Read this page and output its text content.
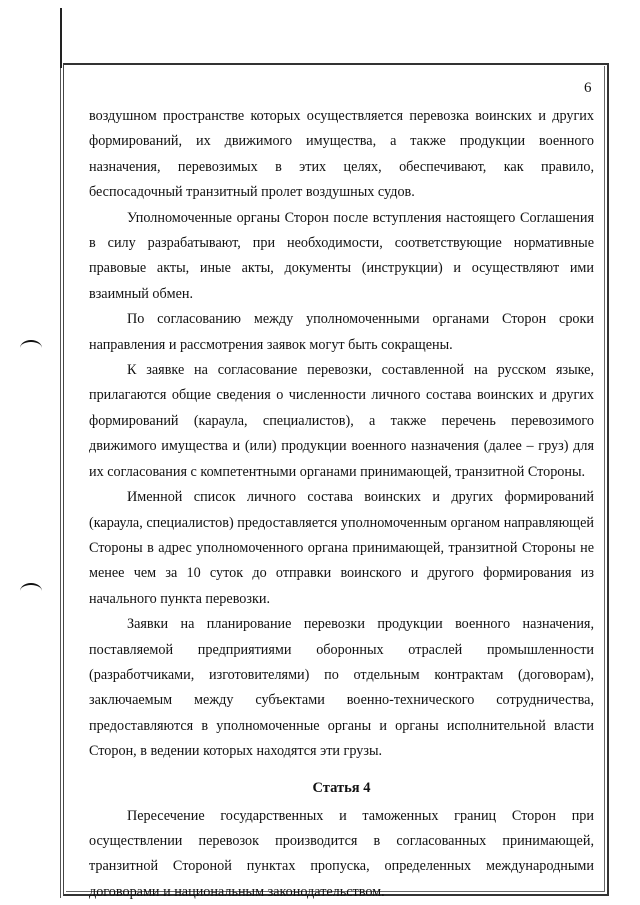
6

воздушном пространстве которых осуществляется перевозка воинских и других формирований, их движимого имущества, а также продукции военного назначения, перевозимых в этих целях, обеспечивают, как правило, беспосадочный транзитный пролет воздушных судов.

Уполномоченные органы Сторон после вступления настоящего Соглашения в силу разрабатывают, при необходимости, соответствующие нормативные правовые акты, иные акты, документы (инструкции) и осуществляют ими взаимный обмен.

По согласованию между уполномоченными органами Сторон сроки направления и рассмотрения заявок могут быть сокращены.

К заявке на согласование перевозки, составленной на русском языке, прилагаются общие сведения о численности личного состава воинских и других формирований (караула, специалистов), а также перечень перевозимого движимого имущества и (или) продукции военного назначения (далее – груз) для их согласования с компетентными органами принимающей, транзитной Стороны.

Именной список личного состава воинских и других формирований (караула, специалистов) предоставляется уполномоченным органом направляющей Стороны в адрес уполномоченного органа принимающей, транзитной Стороны не менее чем за 10 суток до отправки воинского и другого формирования из начального пункта перевозки.

Заявки на планирование перевозки продукции военного назначения, поставляемой предприятиями оборонных отраслей промышленности (разработчиками, изготовителями) по отдельным контрактам (договорам), заключаемым между субъектами военно-технического сотрудничества, предоставляются в уполномоченные органы и органы исполнительной власти Сторон, в ведении которых находятся эти грузы.

Статья 4

Пересечение государственных и таможенных границ Сторон при осуществлении перевозок производится в согласованных принимающей, транзитной Стороной пунктах пропуска, определенных международными договорами и национальным законодательством.
